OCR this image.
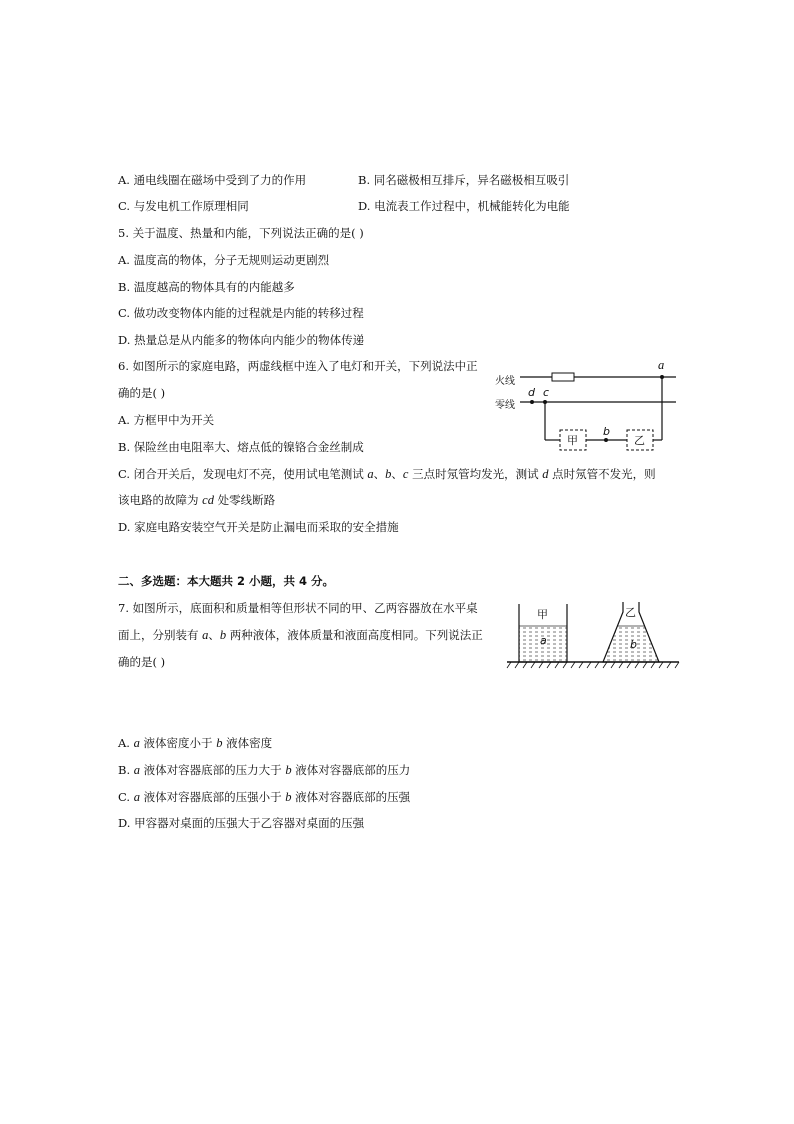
A. 通电线圈在磁场中受到了力的作用	B. 同名磁极相互排斥，异名磁极相互吸引
C. 与发电机工作原理相同	D. 电流表工作过程中，机械能转化为电能
5. 关于温度、热量和内能，下列说法正确的是( )
A. 温度高的物体，分子无规则运动更剧烈
B. 温度越高的物体具有的内能越多
C. 做功改变物体内能的过程就是内能的转移过程
D. 热量总是从内能多的物体向内能少的物体传递
6. 如图所示的家庭电路，两虚线框中连入了电灯和开关，下列说法中正
确的是( )
A. 方框甲中为开关
B. 保险丝由电阻率大、熔点低的镍铬合金丝制成
C. 闭合开关后，发现电灯不亮，使用试电笔测试 a、b、c 三点时氖管均发光，测试 d 点时氖管不发光，则
该电路的故障为 cd 处零线断路
D. 家庭电路安装空气开关是防止漏电而采取的安全措施
火线
零线
a
d c
甲
b
乙
二、多选题：本大题共 2 小题，共 4 分。
7. 如图所示，底面积和质量相等但形状不同的甲、乙两容器放在水平桌
面上，分别装有 a、b 两种液体，液体质量和液面高度相同。下列说法正
确的是( )
甲
a
乙
b
A. a 液体密度小于 b 液体密度
B. a 液体对容器底部的压力大于 b 液体对容器底部的压力
C. a 液体对容器底部的压强小于 b 液体对容器底部的压强
D. 甲容器对桌面的压强大于乙容器对桌面的压强
